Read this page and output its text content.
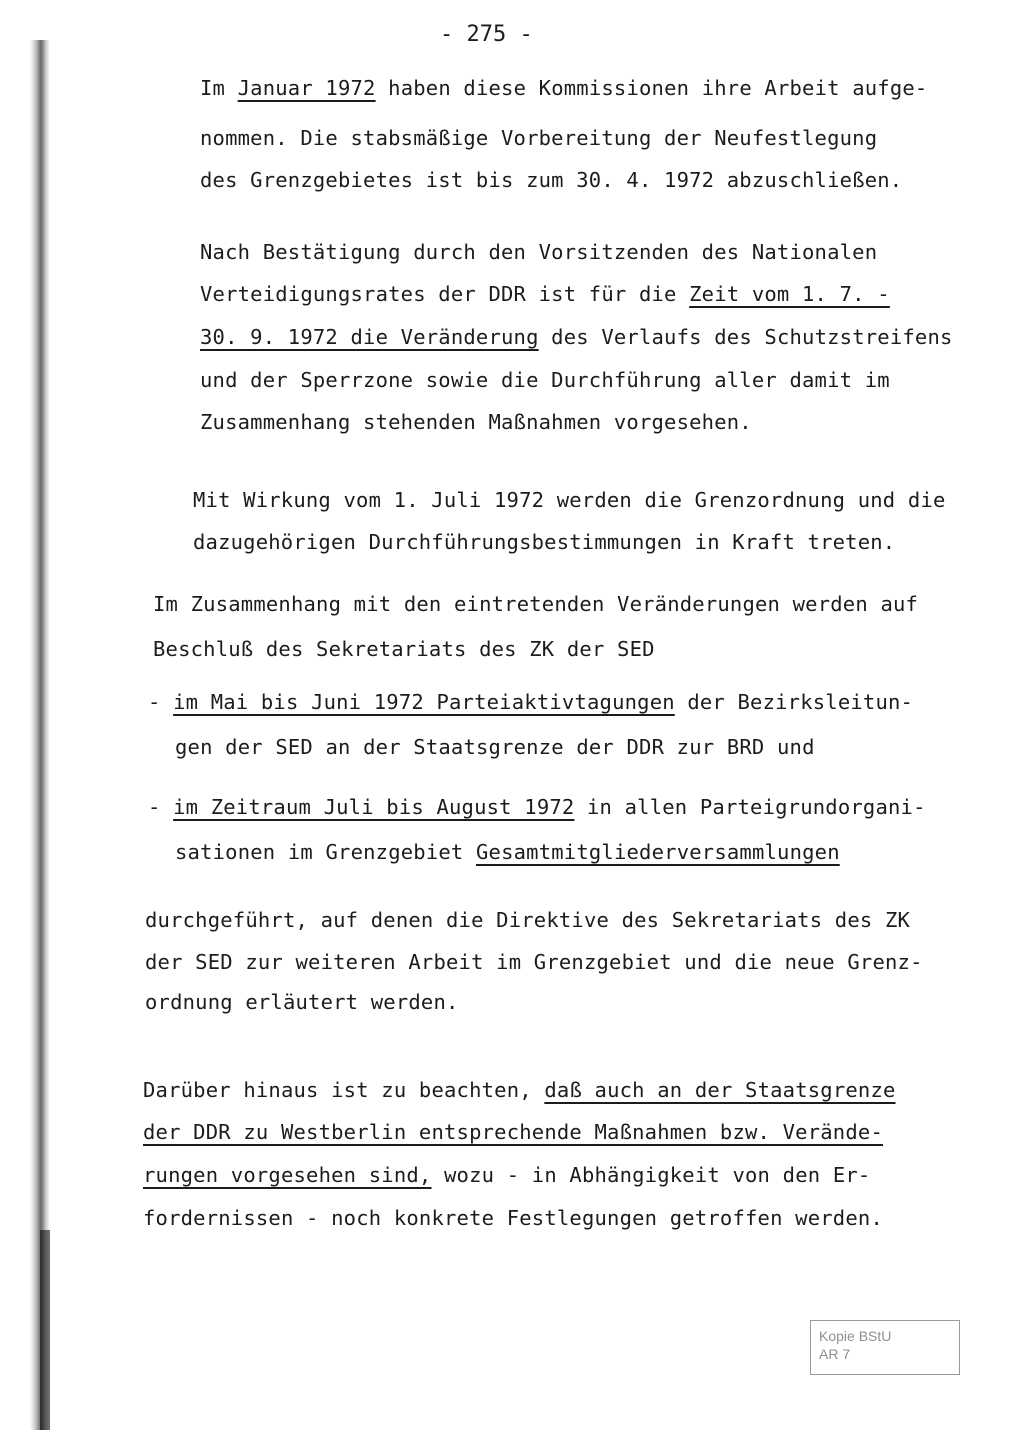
- 275 -
Im Januar 1972 haben diese Kommissionen ihre Arbeit aufge-
nommen. Die stabsmäßige Vorbereitung der Neufestlegung
des Grenzgebietes ist bis zum 30. 4. 1972 abzuschließen.
Nach Bestätigung durch den Vorsitzenden des Nationalen
Verteidigungsrates der DDR ist für die Zeit vom 1. 7. -
30. 9. 1972 die Veränderung des Verlaufs des Schutzstreifens
und der Sperrzone sowie die Durchführung aller damit im
Zusammenhang stehenden Maßnahmen vorgesehen.
Mit Wirkung vom 1. Juli 1972 werden die Grenzordnung und die
dazugehörigen Durchführungsbestimmungen in Kraft treten.
Im Zusammenhang mit den eintretenden Veränderungen werden auf
Beschluß des Sekretariats des ZK der SED
- im Mai bis Juni 1972 Parteiaktivtagungen der Bezirksleitun-
gen der SED an der Staatsgrenze der DDR zur BRD und
- im Zeitraum Juli bis August 1972 in allen Parteigrundorgani-
sationen im Grenzgebiet Gesamtmitgliederversammlungen
durchgeführt, auf denen die Direktive des Sekretariats des ZK
der SED zur weiteren Arbeit im Grenzgebiet und die neue Grenz-
ordnung erläutert werden.
Darüber hinaus ist zu beachten, daß auch an der Staatsgrenze
der DDR zu Westberlin entsprechende Maßnahmen bzw. Verände-
rungen vorgesehen sind, wozu - in Abhängigkeit von den Er-
fordernissen - noch konkrete Festlegungen getroffen werden.
Kopie BStU
AR 7
